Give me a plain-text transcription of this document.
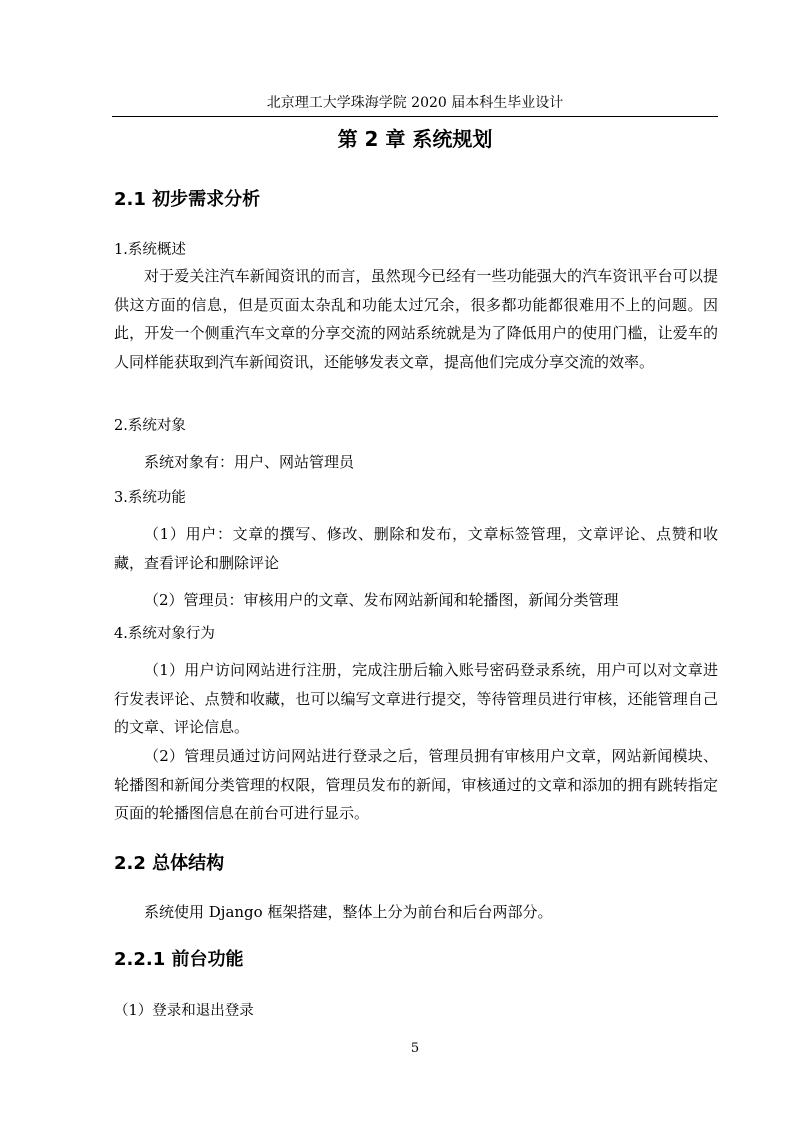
北京理工大学珠海学院 2020 届本科生毕业设计
第 2 章 系统规划
2.1 初步需求分析
1.系统概述
对于爱关注汽车新闻资讯的而言，虽然现今已经有一些功能强大的汽车资讯平台可以提供这方面的信息，但是页面太杂乱和功能太过冗余，很多都功能都很难用不上的问题。因此，开发一个侧重汽车文章的分享交流的网站系统就是为了降低用户的使用门槛，让爱车的人同样能获取到汽车新闻资讯，还能够发表文章，提高他们完成分享交流的效率。
2.系统对象
系统对象有：用户、网站管理员
3.系统功能
（1）用户：文章的撰写、修改、删除和发布，文章标签管理，文章评论、点赞和收藏，查看评论和删除评论
（2）管理员：审核用户的文章、发布网站新闻和轮播图，新闻分类管理
4.系统对象行为
（1）用户访问网站进行注册，完成注册后输入账号密码登录系统，用户可以对文章进行发表评论、点赞和收藏，也可以编写文章进行提交，等待管理员进行审核，还能管理自己的文章、评论信息。
（2）管理员通过访问网站进行登录之后，管理员拥有审核用户文章，网站新闻模块、轮播图和新闻分类管理的权限，管理员发布的新闻，审核通过的文章和添加的拥有跳转指定页面的轮播图信息在前台可进行显示。
2.2 总体结构
系统使用 Django 框架搭建，整体上分为前台和后台两部分。
2.2.1 前台功能
（1）登录和退出登录
5
